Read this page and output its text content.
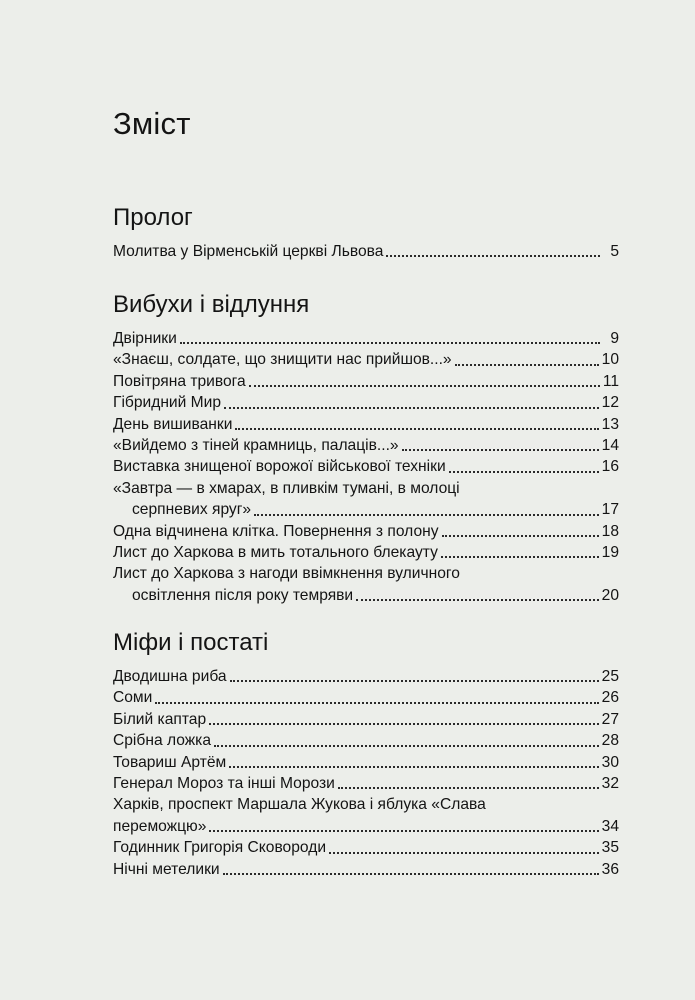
Зміст
Пролог
Молитва у Вірменській церкві Львова	5
Вибухи і відлуння
Двірники	9
«Знаєш, солдате, що знищити нас прийшов...»	10
Повітряна тривога	11
Гібридний Мир	12
День вишиванки	13
«Вийдемо з тіней крамниць, палаців...»	14
Виставка знищеної ворожої військової техніки	16
«Завтра — в хмарах, в пливкім тумані, в молоці
серпневих яруг»	17
Одна відчинена клітка. Повернення з полону	18
Лист до Харкова в мить тотального блекауту	19
Лист до Харкова з нагоди ввімкнення вуличного
освітлення після року темряви	20
Міфи і постаті
Дводишна риба	25
Соми	26
Білий каптар	27
Срібна ложка	28
Товариш Артём	30
Генерал Мороз та інші Морози	32
Харків, проспект Маршала Жукова і яблука «Слава
переможцю»	34
Годинник Григорія Сковороди	35
Нічні метелики	36
